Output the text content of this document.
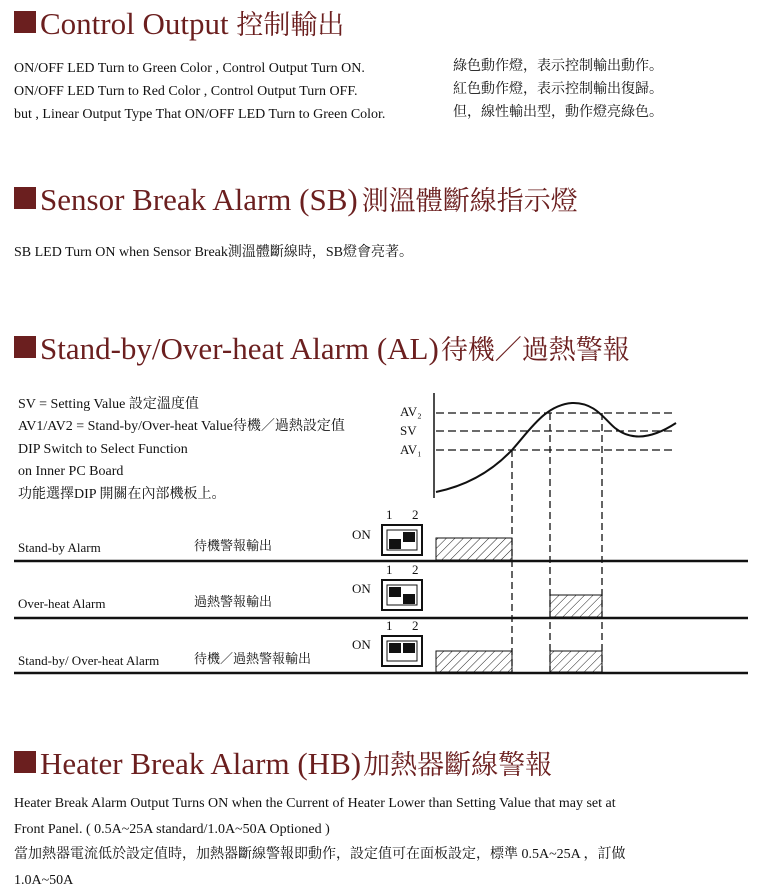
Control Output 控制輸出
ON/OFF LED Turn to Green Color , Control Output Turn ON.
ON/OFF LED Turn to Red Color , Control Output Turn OFF.
but , Linear Output Type That ON/OFF LED Turn to Green Color.
綠色動作燈，表示控制輸出動作。
紅色動作燈，表示控制輸出復歸。
但，線性輸出型，動作燈亮綠色。
Sensor Break Alarm (SB) 測溫體斷線指示燈
SB LED Turn ON when Sensor Break測溫體斷線時，SB燈會亮著。
Stand-by/Over-heat Alarm (AL)待機／過熱警報
SV = Setting Value 設定溫度值
AV1/AV2 = Stand-by/Over-heat Value待機／過熱設定值
DIP Switch to Select Function
on Inner PC Board
功能選擇DIP 開關在內部機板上。
AV₂
SV
AV₁
Stand-by Alarm	待機警報輸出
ON
1 2
Over-heat Alarm	過熱警報輸出
ON
1 2
Stand-by/ Over-heat Alarm	待機／過熱警報輸出
ON
1 2
Heater Break Alarm (HB)加熱器斷線警報
Heater Break Alarm Output Turns ON when the Current of Heater Lower than Setting Value that may set at
Front Panel. ( 0.5A~25A standard/1.0A~50A Optioned )
當加熱器電流低於設定值時，加熱器斷線警報即動作，設定值可在面板設定，標準 0.5A~25A ，訂做
1.0A~50A
